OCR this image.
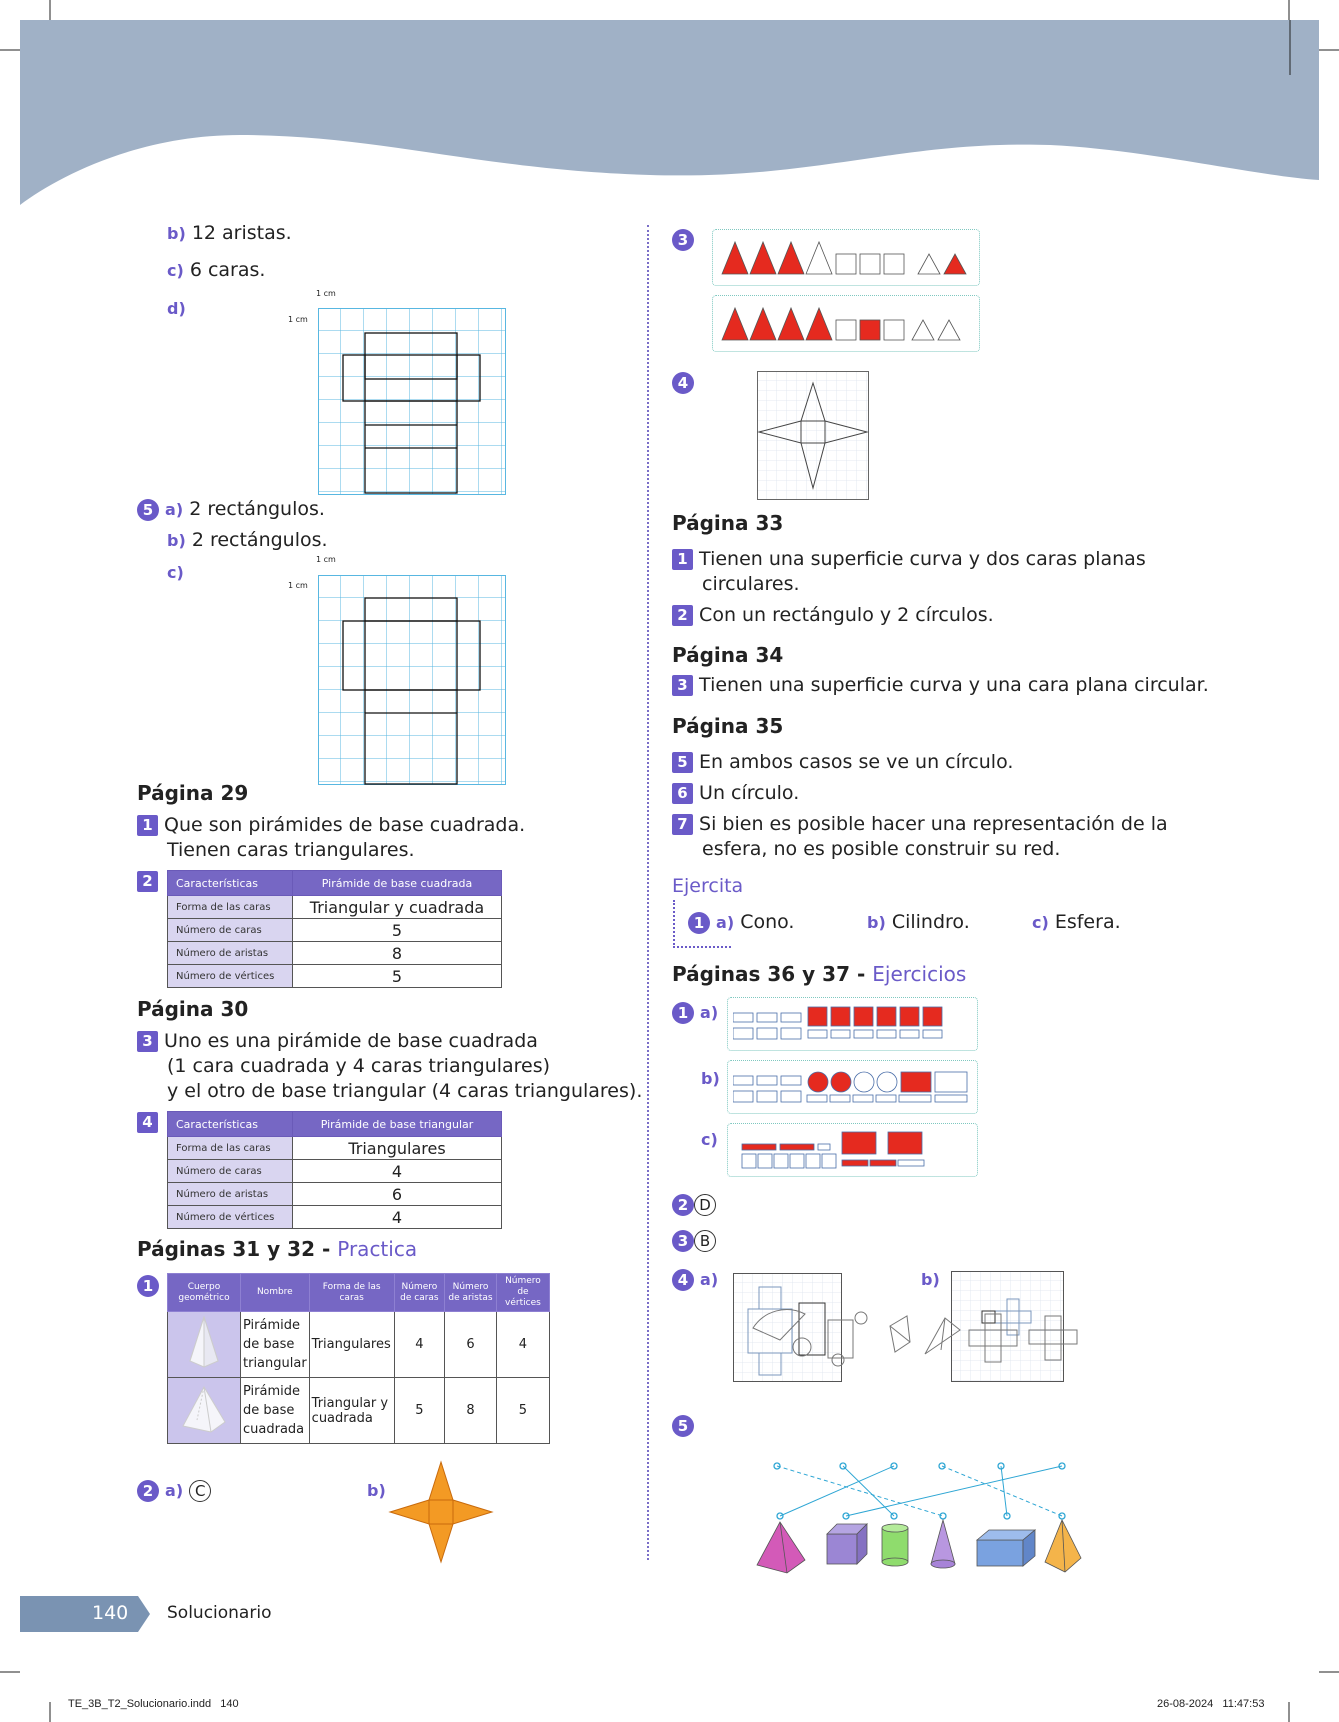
b) 12 aristas.
c) 6 caras.
d)
1 cm
1 cm
5 a) 2 rectángulos.
b) 2 rectángulos.
c)
1 cm
1 cm
Página 29
1 Que son pirámides de base cuadrada.
Tienen caras triangulares.
2	Características	Pirámide de base cuadrada
Forma de las caras	Triangular y cuadrada
Número de caras	5
Número de aristas	8
Número de vértices	5
Página 30
3 Uno es una pirámide de base cuadrada
(1 cara cuadrada y 4 caras triangulares)
y el otro de base triangular (4 caras triangulares).
4	Características	Pirámide de base triangular
Forma de las caras	Triangulares
Número de caras	4
Número de aristas	6
Número de vértices	4
Páginas 31 y 32 - Practica
1	Cuerpo geométrico	Nombre	Forma de las caras	Número de caras	Número de aristas	Número de vértices
	Pirámide de base triangular	Triangulares	4	6	4
	Pirámide de base cuadrada	Triangular y cuadrada	5	8	5
2 a) C	b)
3
4
Página 33
1 Tienen una superficie curva y dos caras planas
circulares.
2 Con un rectángulo y 2 círculos.
Página 34
3 Tienen una superficie curva y una cara plana circular.
Página 35
5 En ambos casos se ve un círculo.
6 Un círculo.
7 Si bien es posible hacer una representación de la
esfera, no es posible construir su red.
Ejercita
1 a) Cono.	b) Cilindro.	c) Esfera.
Páginas 36 y 37 - Ejercicios
1 a)
b)
c)
2 D
3 B
4 a)	b)
5
140 Solucionario
TE_3B_T2_Solucionario.indd   140	26-08-2024   11:47:53
